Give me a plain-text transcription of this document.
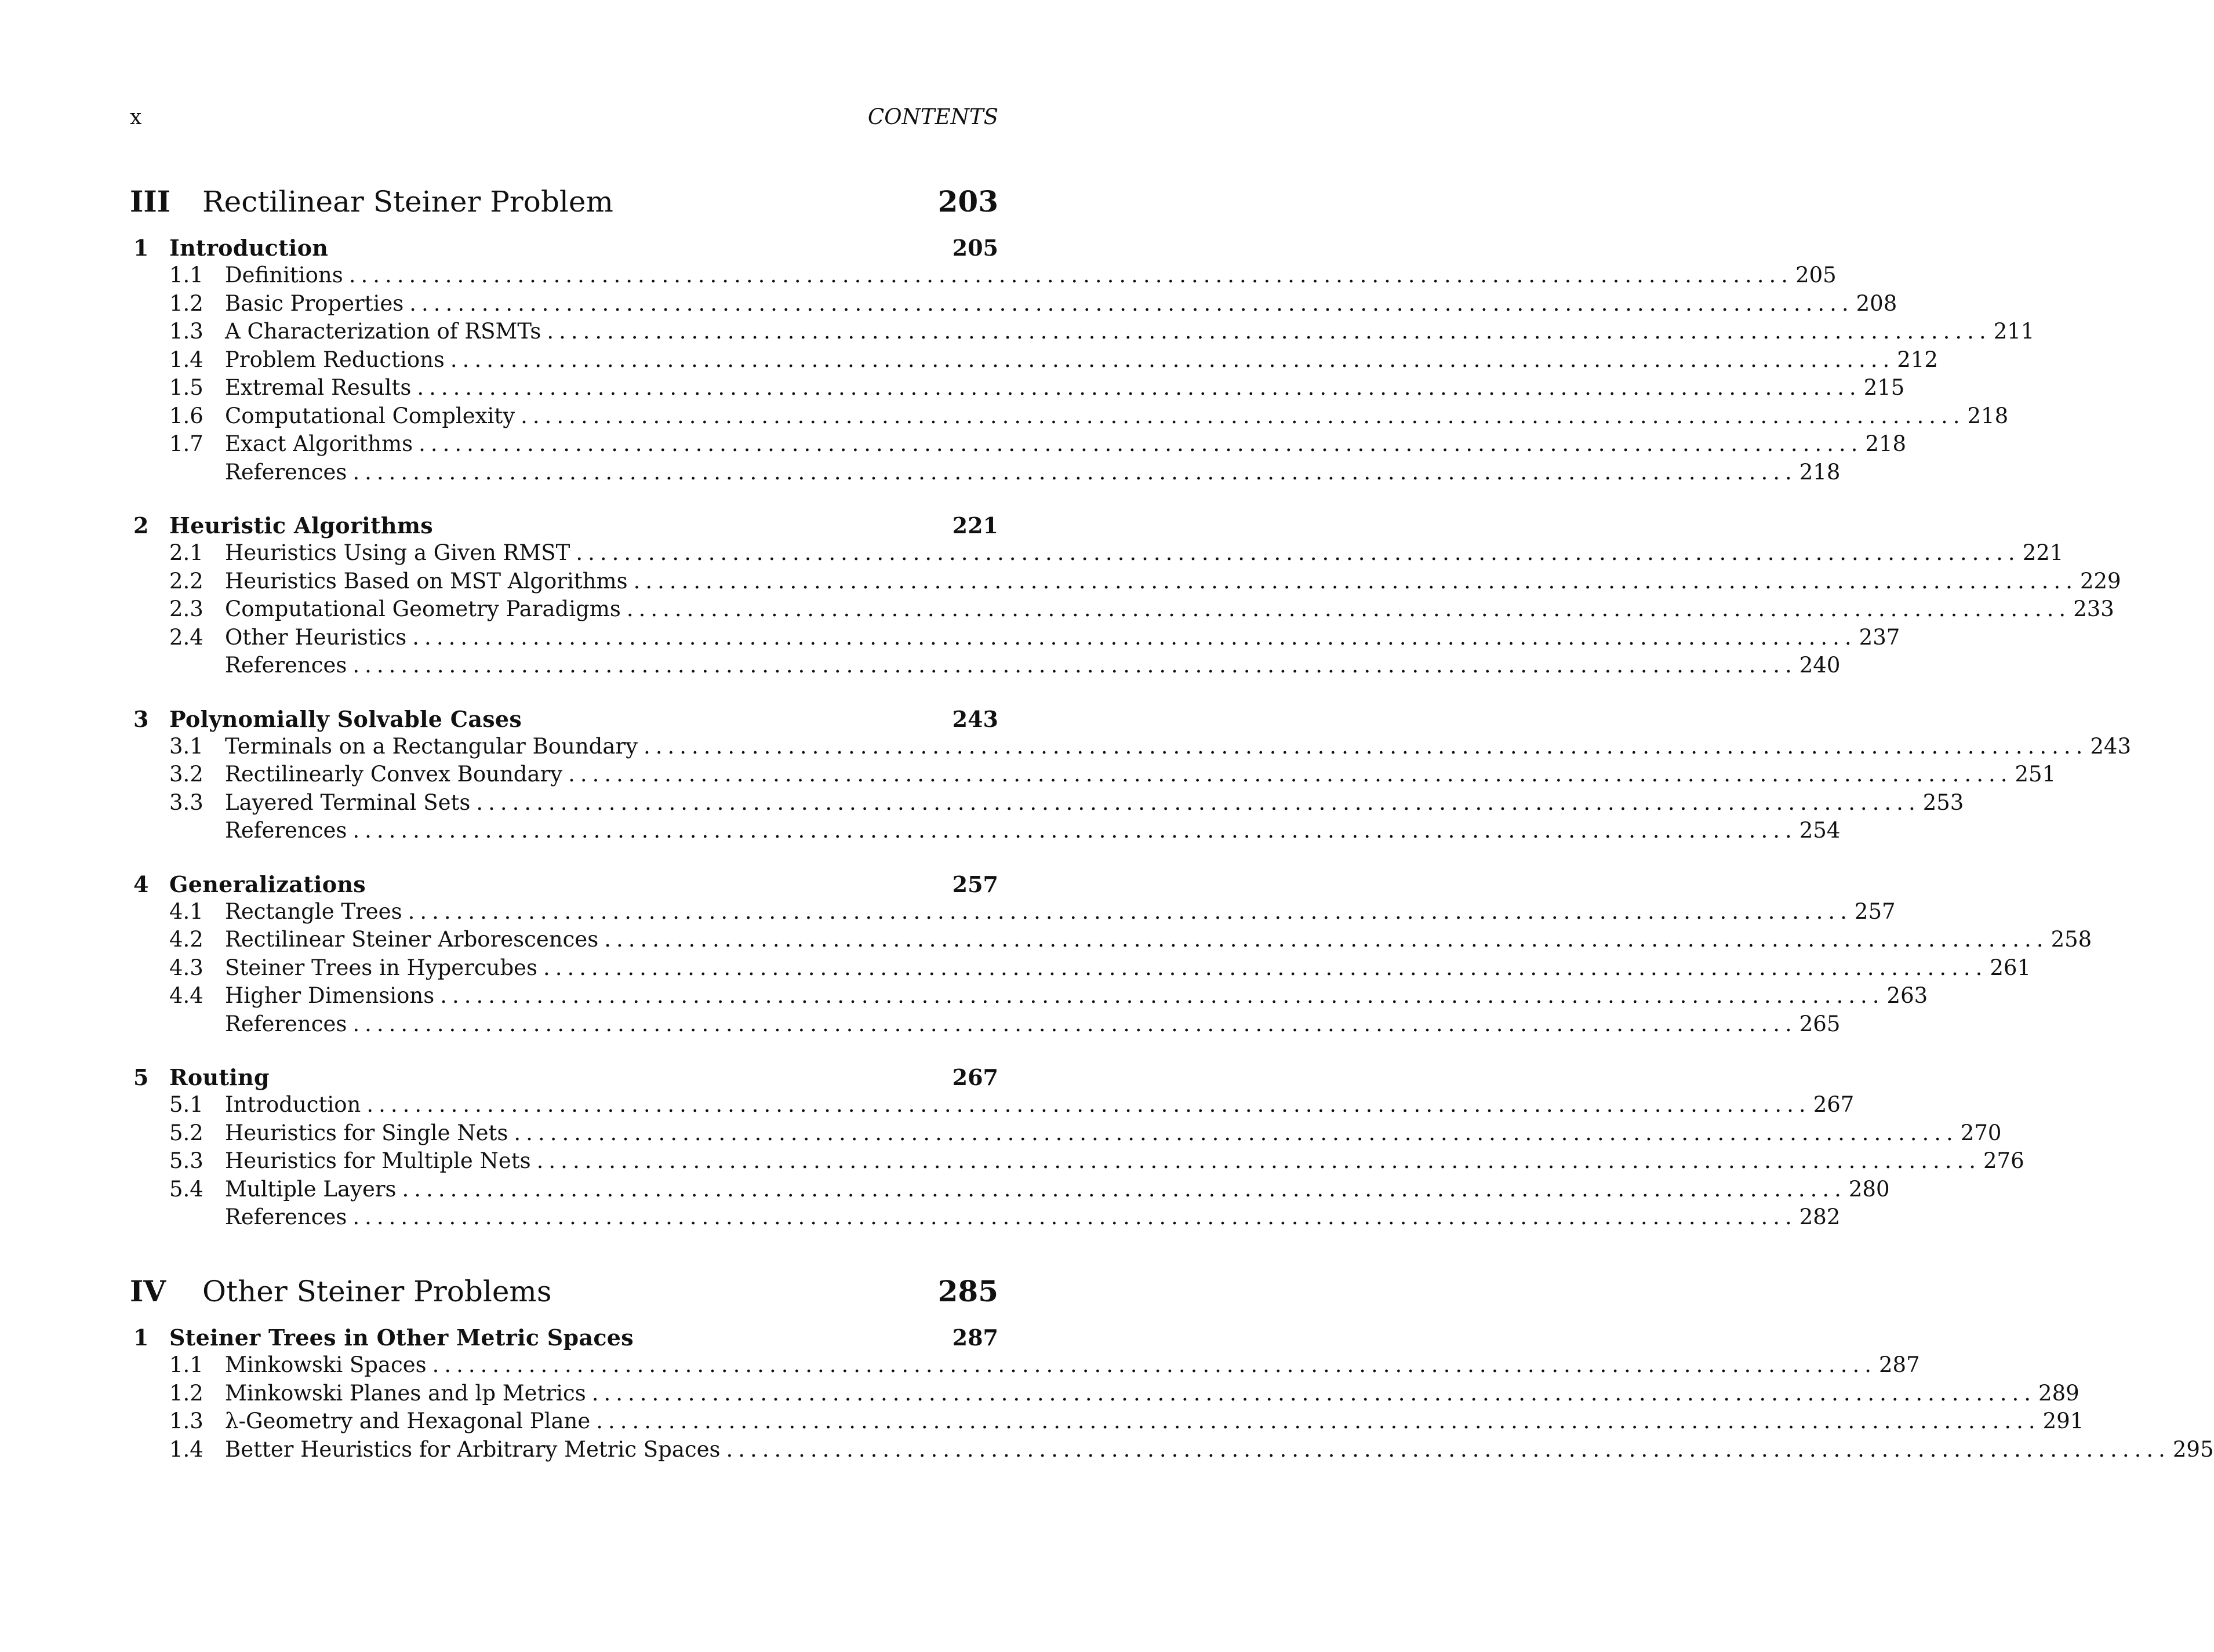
x	CONTENTS
III	Rectilinear Steiner Problem	203
1 Introduction	205
1.1	Definitions ........................................................................................................................ 205
1.2	Basic Properties ........................................................................................................................ 208
1.3	A Characterization of RSMTs ........................................................................................................................ 211
1.4	Problem Reductions ........................................................................................................................ 212
1.5	Extremal Results ........................................................................................................................ 215
1.6	Computational Complexity ........................................................................................................................ 218
1.7	Exact Algorithms ........................................................................................................................ 218
References ........................................................................................................................ 218
2 Heuristic Algorithms	221
2.1	Heuristics Using a Given RMST ........................................................................................................................ 221
2.2	Heuristics Based on MST Algorithms ........................................................................................................................ 229
2.3	Computational Geometry Paradigms ........................................................................................................................ 233
2.4	Other Heuristics ........................................................................................................................ 237
References ........................................................................................................................ 240
3 Polynomially Solvable Cases	243
3.1	Terminals on a Rectangular Boundary ........................................................................................................................ 243
3.2	Rectilinearly Convex Boundary ........................................................................................................................ 251
3.3	Layered Terminal Sets ........................................................................................................................ 253
References ........................................................................................................................ 254
4 Generalizations	257
4.1	Rectangle Trees ........................................................................................................................ 257
4.2	Rectilinear Steiner Arborescences ........................................................................................................................ 258
4.3	Steiner Trees in Hypercubes ........................................................................................................................ 261
4.4	Higher Dimensions ........................................................................................................................ 263
References ........................................................................................................................ 265
5 Routing	267
5.1	Introduction ........................................................................................................................ 267
5.2	Heuristics for Single Nets ........................................................................................................................ 270
5.3	Heuristics for Multiple Nets ........................................................................................................................ 276
5.4	Multiple Layers ........................................................................................................................ 280
References ........................................................................................................................ 282
IV	Other Steiner Problems	285
1 Steiner Trees in Other Metric Spaces	287
1.1	Minkowski Spaces ........................................................................................................................ 287
1.2	Minkowski Planes and lp Metrics ........................................................................................................................ 289
1.3	λ-Geometry and Hexagonal Plane ........................................................................................................................ 291
1.4	Better Heuristics for Arbitrary Metric Spaces ........................................................................................................................ 295
